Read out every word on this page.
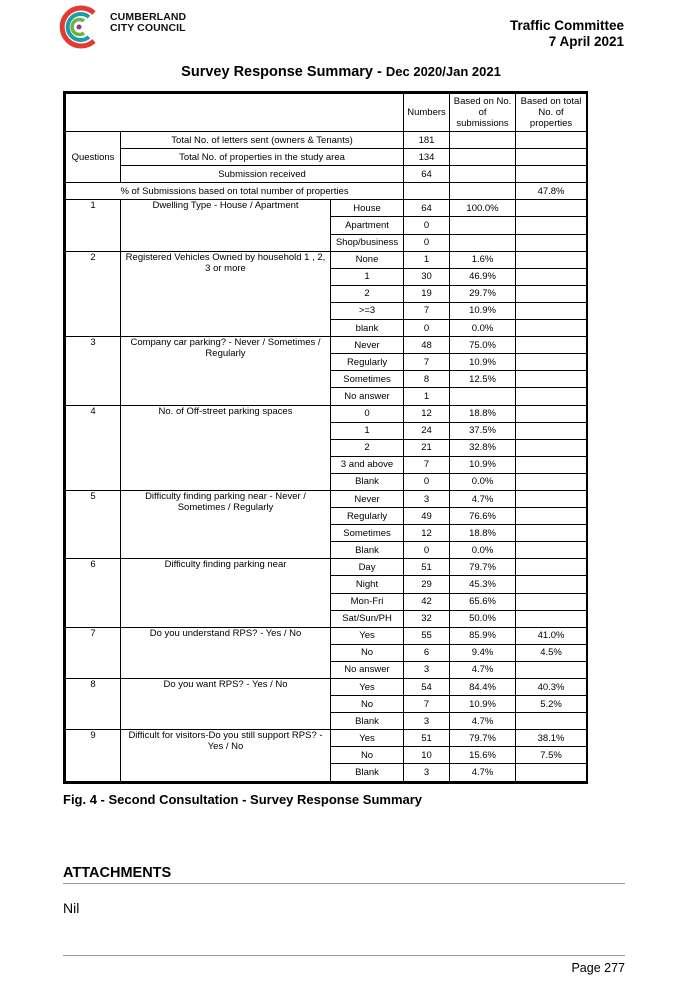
CUMBERLAND
CITY COUNCIL	Traffic Committee
7 April 2021
Survey Response Summary - Dec 2020/Jan 2021
			Numbers	Based on No. of submissions	Based on total No. of properties
Questions	Total No. of letters sent (owners & Tenants)		181		
	Total No. of properties in the study area		134		
	Submission received		64		
% of Submissions based on total number of properties					47.8%
1	Dwelling Type - House / Apartment	House	64	100.0%	
		Apartment	0		
		Shop/business	0		
2	Registered Vehicles Owned by household 1 , 2, 3 or more	None	1	1.6%	
		1	30	46.9%	
		2	19	29.7%	
		>=3	7	10.9%	
		blank	0	0.0%	
3	Company car parking? - Never / Sometimes / Regularly	Never	48	75.0%	
		Regularly	7	10.9%	
		Sometimes	8	12.5%	
		No answer	1		
4	No. of Off-street parking spaces	0	12	18.8%	
		1	24	37.5%	
		2	21	32.8%	
		3 and above	7	10.9%	
		Blank	0	0.0%	
5	Difficulty finding parking near - Never / Sometimes / Regularly	Never	3	4.7%	
		Regularly	49	76.6%	
		Sometimes	12	18.8%	
		Blank	0	0.0%	
6	Difficulty finding parking near	Day	51	79.7%	
		Night	29	45.3%	
		Mon-Fri	42	65.6%	
		Sat/Sun/PH	32	50.0%	
7	Do you understand RPS? - Yes / No	Yes	55	85.9%	41.0%
		No	6	9.4%	4.5%
		No answer	3	4.7%	
8	Do you want RPS? - Yes / No	Yes	54	84.4%	40.3%
		No	7	10.9%	5.2%
		Blank	3	4.7%	
9	Difficult for visitors-Do you still support RPS? - Yes / No	Yes	51	79.7%	38.1%
		No	10	15.6%	7.5%
		Blank	3	4.7%	
Fig. 4 - Second Consultation - Survey Response Summary
ATTACHMENTS
Nil
Page 277
